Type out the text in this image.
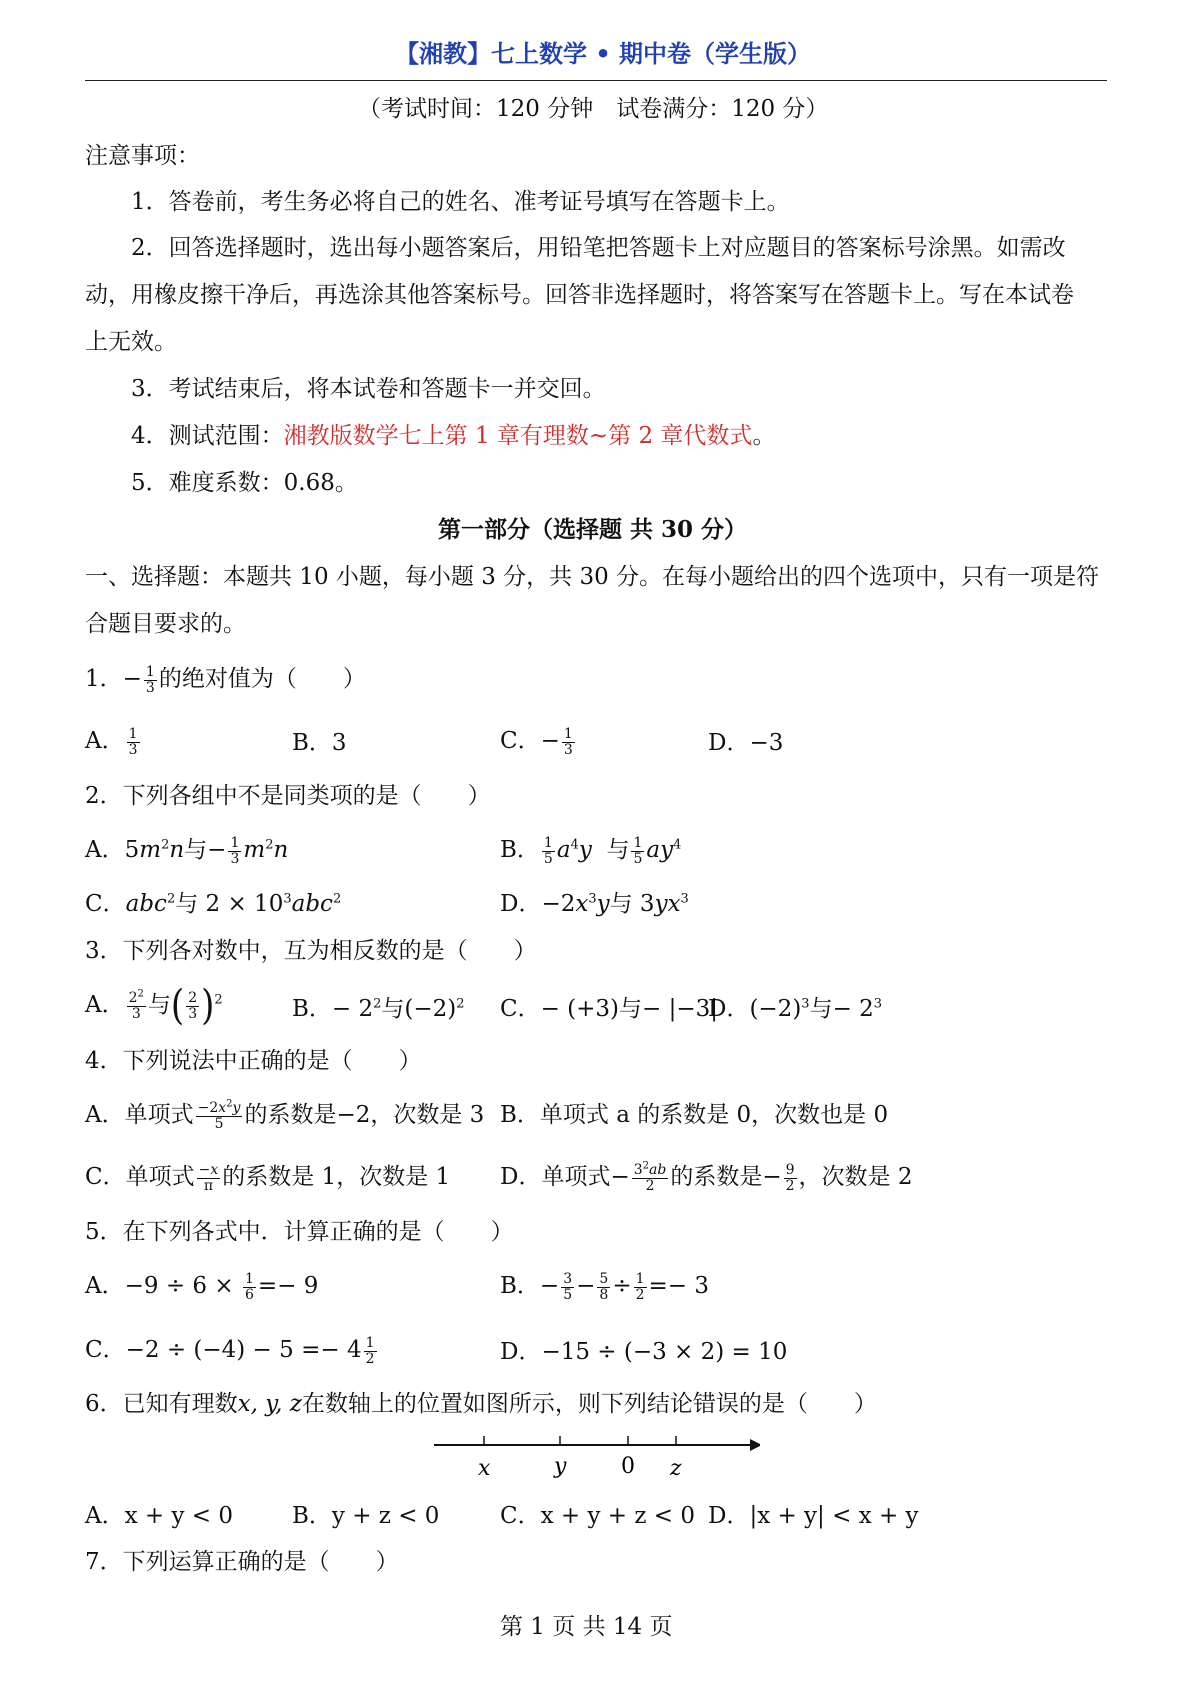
【湘教】七上数学 • 期中卷（学生版）
（考试时间：120 分钟　试卷满分：120 分）
注意事项：
1．答卷前，考生务必将自己的姓名、准考证号填写在答题卡上。
2．回答选择题时，选出每小题答案后，用铅笔把答题卡上对应题目的答案标号涂黑。如需改
动，用橡皮擦干净后，再选涂其他答案标号。回答非选择题时，将答案写在答题卡上。写在本试卷
上无效。
3．考试结束后，将本试卷和答题卡一并交回。
4．测试范围：湘教版数学七上第 1 章有理数~第 2 章代数式。
5．难度系数：0.68。
第一部分（选择题 共 30 分）
一、选择题：本题共 10 小题，每小题 3 分，共 30 分。在每小题给出的四个选项中，只有一项是符
合题目要求的。
1．− $\frac{1}{3}$ 的绝对值为（　　）
A． $\frac{1}{3}$	B．3	C．− $\frac{1}{3}$	D．−3
2．下列各组中不是同类项的是（　　）
A．$5m^2n$与− $\frac{1}{3} m^2n$	B． $\frac{1}{5} a^4y$  与 $\frac{1}{5} ay^4$
C．abc$^2$与 $2 \times 10^3abc^2$	D．$-2x^3y$与 $3yx^3$
3．下列各对数中，互为相反数的是（　　）
A． $\frac{2^2}{3}$ 与( $\frac{2}{3} )^2$	B．− $2^2$与$(-2)^2$ C．− (+3)与− |−3|
D．$(-2)^3$与− $2^3$
4．下列说法中正确的是（　　）
A．单项式 $\frac{-2x^2y}{5}$ 的系数是−2，次数是 3 B．单项式 a 的系数是 0，次数也是 0
C．单项式 $\frac{-x}{\pi}$ 的系数是 1，次数是 1 D．单项式− $\frac{3^2ab}{2}$ 的系数是− $\frac{9}{2}$ ，次数是 2
5．在下列各式中．计算正确的是（　　）
A．$-9 \div 6 \times \frac{1}{6} =- 9$	B．− $\frac{3}{5} - \frac{5}{8} \div \frac{1}{2} =- 3$
C．$-2 \div (-4) - 5 =- 4 \frac{1}{2}$	D．−15 ÷ (−3 × 2) = 10
6．已知有理数x, y, z在数轴上的位置如图所示，则下列结论错误的是（　　）
x	y 0 z
A．x + y < 0	B．y + z < 0	C．x + y + z < 0 D．|x + y| < x + y
7．下列运算正确的是（　　）
第 1 页 共 14 页
